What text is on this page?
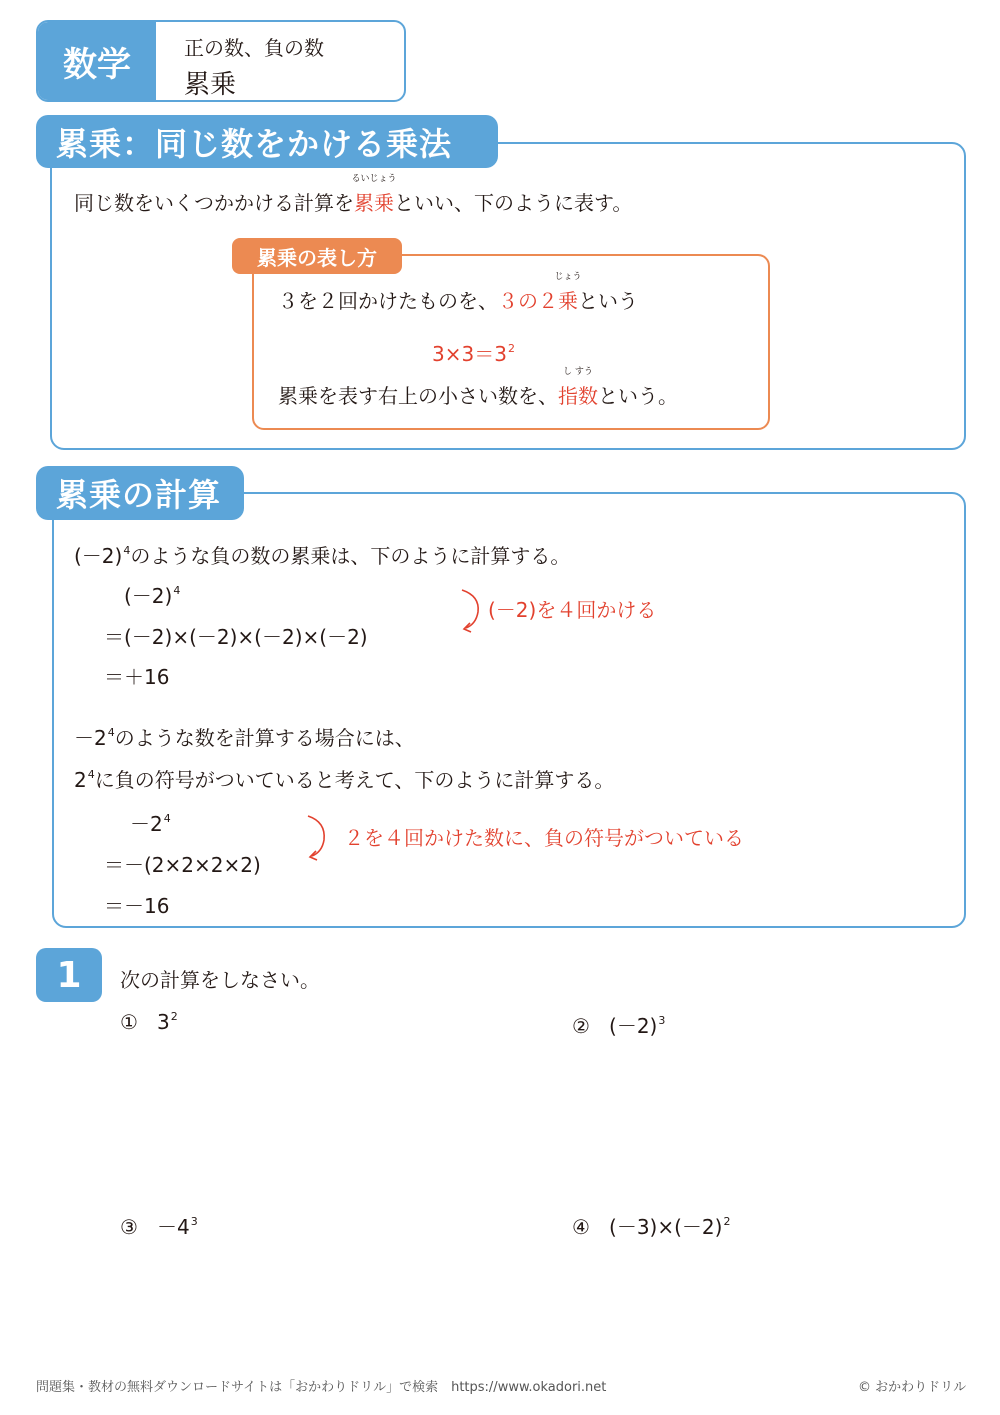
数学	正の数、負の数
累乗
累乗：同じ数をかける乗法
同じ数をいくつかかける計算を
るいじょう
累乗といい、下のように表す。
累乗の表し方
３を２回かけたものを、３の２
じょう
乗という
$3\times 3=3^2$
累乗を表す右上の小さい数を、
し すう
指数という。
累乗の計算
$(-2)^4$のような負の数の累乗は、下のように計算する。
$(-2)^4$
＝(－2)×(－2)×(－2)×(－2)
＝＋16
(－2)を４回かける
$-2^4$のような数を計算する場合には、
$2^4$に負の符号がついていると考えて、下のように計算する。
$-2^4$
＝－(2×2×2×2)
＝－16
２を４回かけた数に、負の符号がついている
1	次の計算をしなさい。
① $3^2$	② $(-2)^3$
③ $-4^3$	④ $(-3)\times(-2)^2$
問題集・教材の無料ダウンロードサイトは「おかわりドリル」で検索　https://www.okadori.net	© おかわりドリル
